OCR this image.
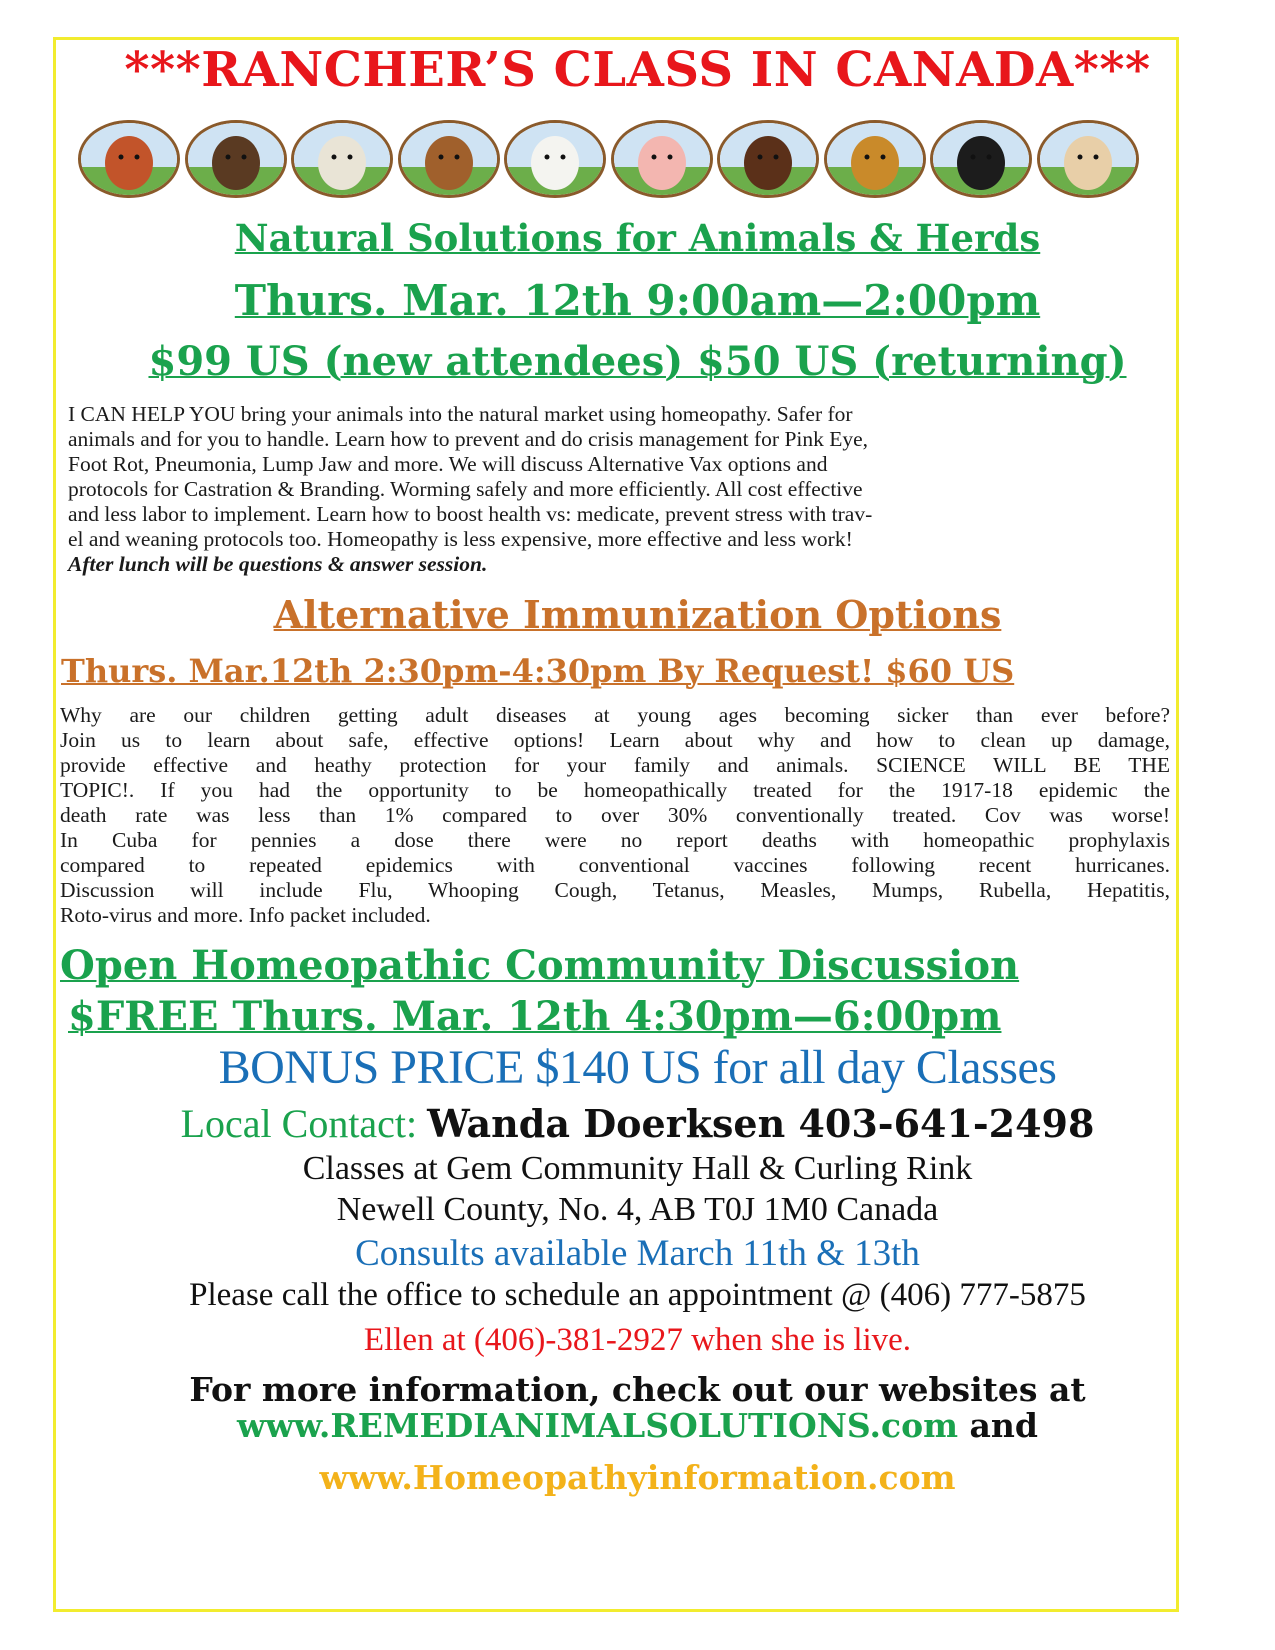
***RANCHER’S CLASS IN CANADA***
Natural Solutions for Animals & Herds
Thurs. Mar. 12th 9:00am—2:00pm
$99 US (new attendees) $50 US (returning)
I CAN HELP YOU bring your animals into the natural market using homeopathy. Safer for
animals and for you to handle. Learn how to prevent and do crisis management for Pink Eye,
Foot Rot, Pneumonia, Lump Jaw and more. We will discuss Alternative Vax options and
protocols for Castration & Branding. Worming safely and more efficiently. All cost effective
and less labor to implement. Learn how to boost health vs: medicate, prevent stress with trav-
el and weaning protocols too. Homeopathy is less expensive, more effective and less work!
After lunch will be questions & answer session.
Alternative Immunization Options
Thurs. Mar.12th 2:30pm-4:30pm By Request! $60 US
Why are our children getting adult diseases at young ages becoming sicker than ever before?
Join us to learn about safe, effective options! Learn about why and how to clean up damage,
provide effective and heathy protection for your family and animals. SCIENCE WILL BE THE
TOPIC!. If you had the opportunity to be homeopathically treated for the 1917-18 epidemic the
death rate was less than 1% compared to over 30% conventionally treated. Cov was worse!
In Cuba for pennies a dose there were no report deaths with homeopathic prophylaxis
compared to repeated epidemics with conventional vaccines following recent hurricanes.
Discussion will include Flu, Whooping Cough, Tetanus, Measles, Mumps, Rubella, Hepatitis,
Roto-virus and more. Info packet included.
Open Homeopathic Community Discussion
$FREE Thurs. Mar. 12th 4:30pm—6:00pm
BONUS PRICE $140 US for all day Classes
Local Contact: Wanda Doerksen 403-641-2498
Classes at Gem Community Hall & Curling Rink
Newell County, No. 4, AB T0J 1M0 Canada
Consults available March 11th & 13th
Please call the office to schedule an appointment @ (406) 777-5875
Ellen at (406)-381-2927 when she is live.
For more information, check out our websites at
www.REMEDIANIMALSOLUTIONS.com and
www.Homeopathyinformation.com
